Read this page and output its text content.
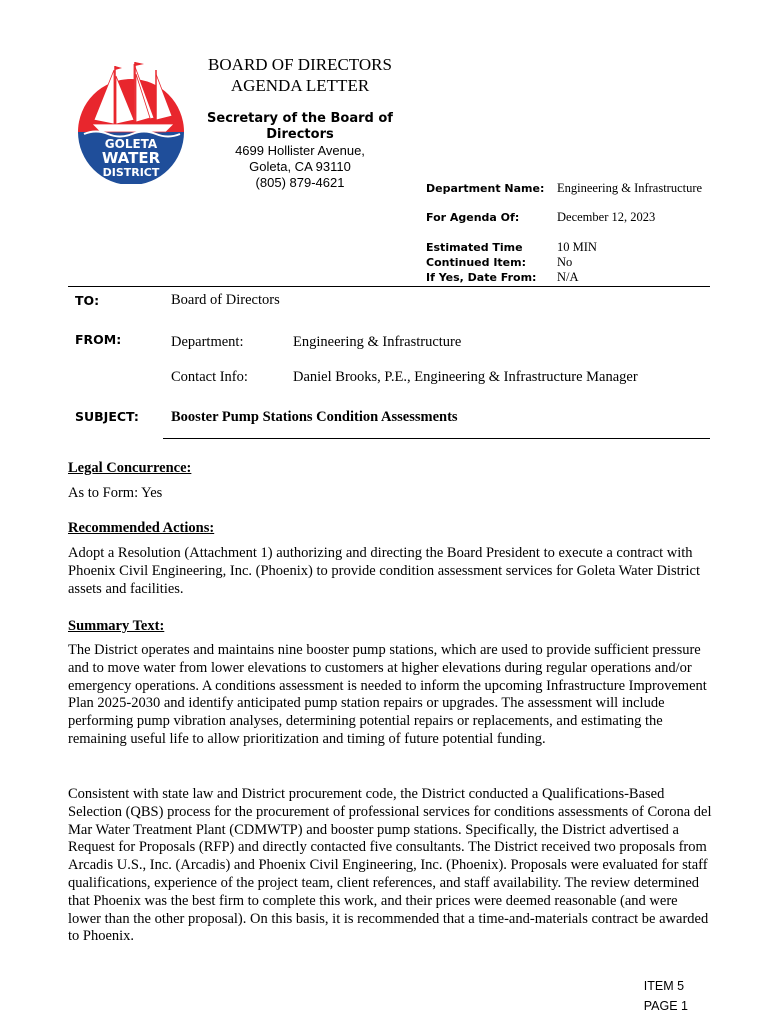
GOLETA
WATER
DISTRICT
BOARD OF DIRECTORS
AGENDA LETTER
Secretary of the Board of
Directors
4699 Hollister Avenue,
Goleta, CA 93110
(805) 879-4621	Department Name: Engineering & Infrastructure
For Agenda Of:	December 12, 2023
Estimated Time	10 MIN
Continued Item: No
If Yes, Date From: N/A
TO:	Board of Directors
FROM:	Department:	Engineering & Infrastructure
Contact Info:	Daniel Brooks, P.E., Engineering & Infrastructure Manager
SUBJECT: Booster Pump Stations Condition Assessments
Legal Concurrence:
As to Form: Yes
Recommended Actions:

Adopt a Resolution (Attachment 1) authorizing and directing the Board President to execute a contract with Phoenix Civil Engineering, Inc. (Phoenix) to provide condition assessment services for Goleta Water District assets and facilities.

Summary Text:

The District operates and maintains nine booster pump stations, which are used to provide sufficient pressure and to move water from lower elevations to customers at higher elevations during regular operations and/or emergency operations. A conditions assessment is needed to inform the upcoming Infrastructure Improvement Plan 2025-2030 and identify anticipated pump station repairs or upgrades. The assessment will include performing pump vibration analyses, determining potential repairs or replacements, and estimating the remaining useful life to allow prioritization and timing of future potential funding.

Consistent with state law and District procurement code, the District conducted a Qualifications-Based Selection (QBS) process for the procurement of professional services for conditions assessments of Corona del Mar Water Treatment Plant (CDMWTP) and booster pump stations. Specifically, the District advertised a Request for Proposals (RFP) and directly contacted five consultants. The District received two proposals from Arcadis U.S., Inc. (Arcadis) and Phoenix Civil Engineering, Inc. (Phoenix). Proposals were evaluated for staff qualifications, experience of the project team, client references, and staff availability. The review determined that Phoenix was the best firm to complete this work, and their prices were deemed reasonable (and were lower than the other proposal). On this basis, it is recommended that a time-and-materials contract be awarded to Phoenix.

ITEM 5
PAGE 1
